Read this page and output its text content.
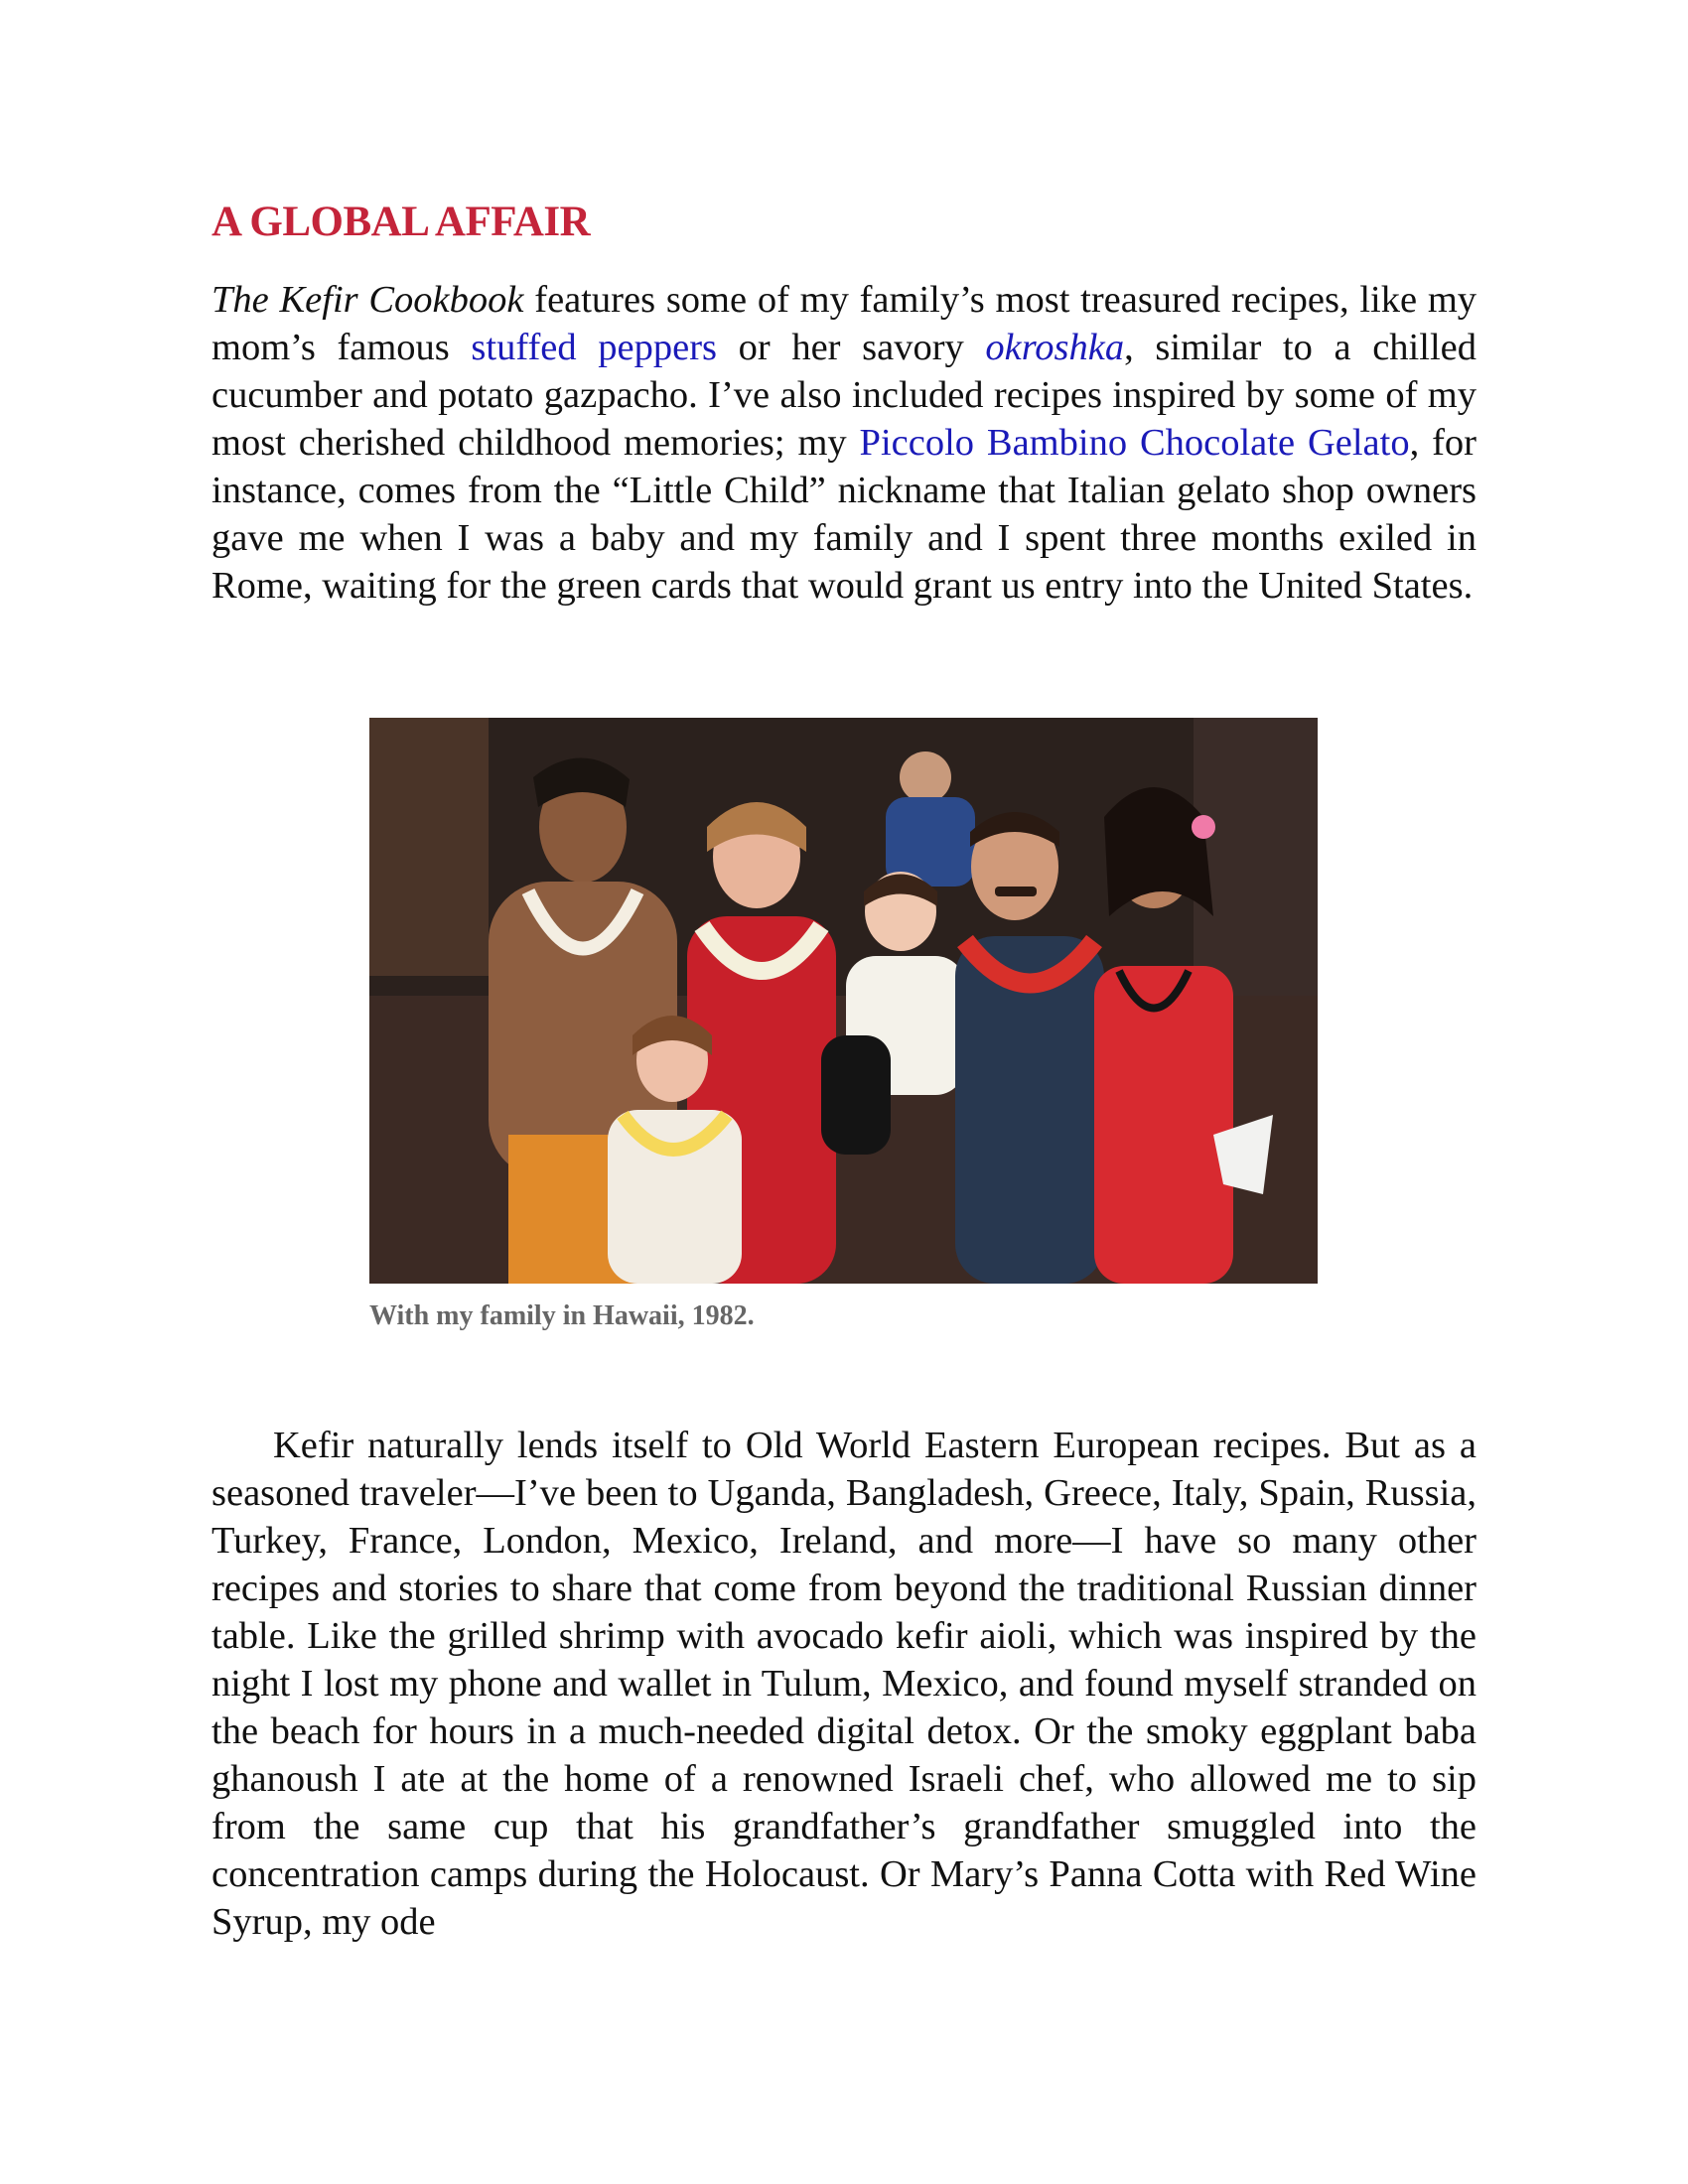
A GLOBAL AFFAIR

The Kefir Cookbook features some of my family’s most treasured recipes, like my mom’s famous stuffed peppers or her savory okroshka, similar to a chilled cucumber and potato gazpacho. I’ve also included recipes inspired by some of my most cherished childhood memories; my Piccolo Bambino Chocolate Gelato, for instance, comes from the “Little Child” nickname that Italian gelato shop owners gave me when I was a baby and my family and I spent three months exiled in Rome, waiting for the green cards that would grant us entry into the United States.

With my family in Hawaii, 1982.

Kefir naturally lends itself to Old World Eastern European recipes. But as a seasoned traveler—I’ve been to Uganda, Bangladesh, Greece, Italy, Spain, Russia, Turkey, France, London, Mexico, Ireland, and more—I have so many other recipes and stories to share that come from beyond the traditional Russian dinner table. Like the grilled shrimp with avocado kefir aioli, which was inspired by the night I lost my phone and wallet in Tulum, Mexico, and found myself stranded on the beach for hours in a much-needed digital detox. Or the smoky eggplant baba ghanoush I ate at the home of a renowned Israeli chef, who allowed me to sip from the same cup that his grandfather’s grandfather smuggled into the concentration camps during the Holocaust. Or Mary’s Panna Cotta with Red Wine Syrup, my ode
